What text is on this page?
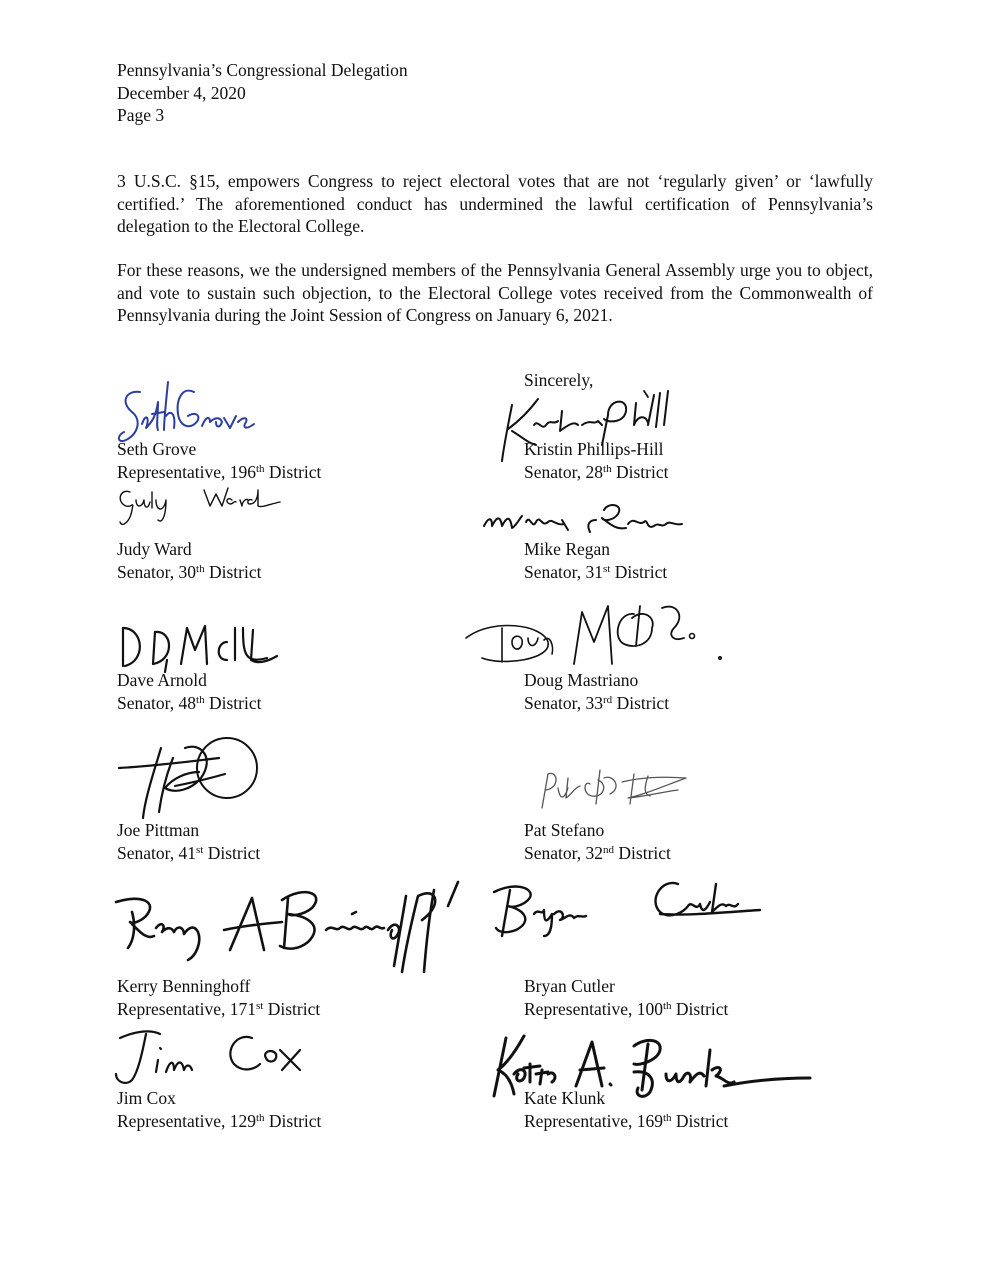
Pennsylvania’s Congressional Delegation
December 4, 2020
Page 3

3 U.S.C. §15, empowers Congress to reject electoral votes that are not ‘regularly given’ or ‘lawfully certified.’ The aforementioned conduct has undermined the lawful certification of Pennsylvania’s delegation to the Electoral College.

For these reasons, we the undersigned members of the Pennsylvania General Assembly urge you to object, and vote to sustain such objection, to the Electoral College votes received from the Commonwealth of Pennsylvania during the Joint Session of Congress on January 6, 2021.

Sincerely,
Seth Grove
Representative, 196th District
Kristin Phillips-Hill
Senator, 28th District
Judy Ward
Senator, 30th District
Mike Regan
Senator, 31st District
Dave Arnold
Senator, 48th District
Doug Mastriano
Senator, 33rd District
Joe Pittman
Senator, 41st District
Pat Stefano
Senator, 32nd District
Kerry Benninghoff
Representative, 171st District
Bryan Cutler
Representative, 100th District
Jim Cox
Representative, 129th District
Kate Klunk
Representative, 169th District
